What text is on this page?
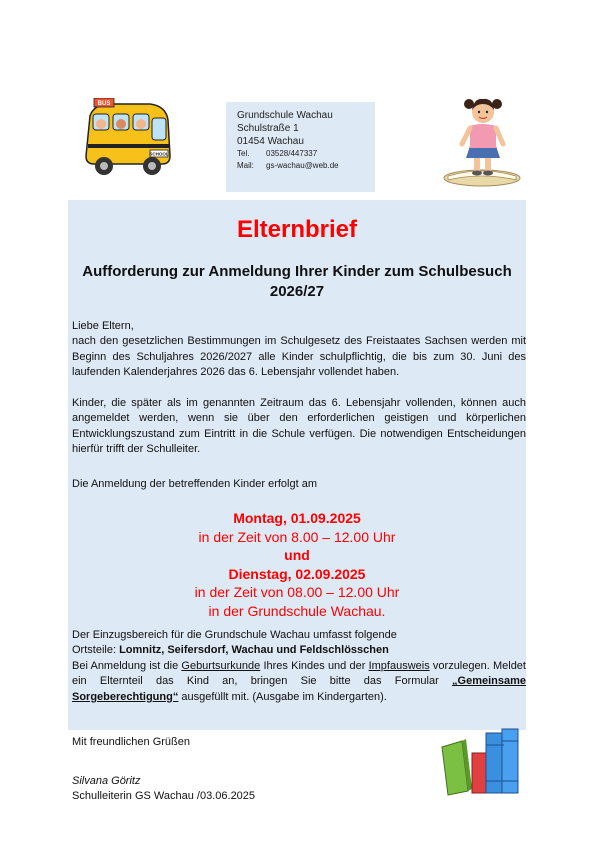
BUS
SCHOOL
Grundschule Wachau
Schulstraße 1
01454 Wachau
Tel.	03528/447337
Mail:	gs-wachau@web.de
Elternbrief
Aufforderung zur Anmeldung Ihrer Kinder zum Schulbesuch 2026/27
Liebe Eltern,
nach den gesetzlichen Bestimmungen im Schulgesetz des Freistaates Sachsen werden mit Beginn des Schuljahres 2026/2027 alle Kinder schulpflichtig, die bis zum 30. Juni des laufenden Kalenderjahres 2026 das 6. Lebensjahr vollendet haben.
Kinder, die später als im genannten Zeitraum das 6. Lebensjahr vollenden, können auch angemeldet werden, wenn sie über den erforderlichen geistigen und körperlichen Entwicklungszustand zum Eintritt in die Schule verfügen. Die notwendigen Entscheidungen hierfür trifft der Schulleiter.
Die Anmeldung der betreffenden Kinder erfolgt am
Montag, 01.09.2025
in der Zeit von 8.00 – 12.00 Uhr
und
Dienstag, 02.09.2025
in der Zeit von 08.00 – 12.00 Uhr
in der Grundschule Wachau.
Der Einzugsbereich für die Grundschule Wachau umfasst folgende
Ortsteile: Lomnitz, Seifersdorf, Wachau und Feldschlösschen
Bei Anmeldung ist die Geburtsurkunde Ihres Kindes und der Impfausweis vorzulegen. Meldet ein Elternteil das Kind an, bringen Sie bitte das Formular „Gemeinsame Sorgeberechtigung“ ausgefüllt mit. (Ausgabe im Kindergarten).
Mit freundlichen Grüßen
Silvana Göritz
Schulleiterin GS Wachau /03.06.2025
